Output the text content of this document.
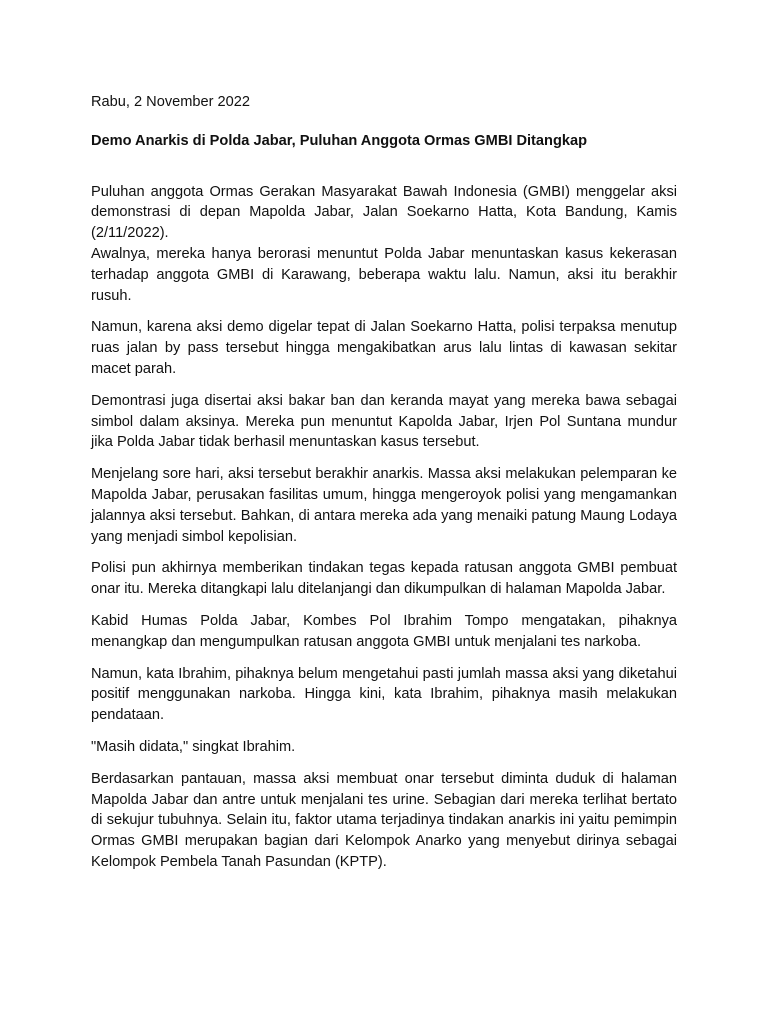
Rabu, 2 November 2022

Demo Anarkis di Polda Jabar, Puluhan Anggota Ormas GMBI Ditangkap

Puluhan anggota Ormas Gerakan Masyarakat Bawah Indonesia (GMBI) menggelar aksi demonstrasi di depan Mapolda Jabar, Jalan Soekarno Hatta, Kota Bandung, Kamis (2/11/2022).

Awalnya, mereka hanya berorasi menuntut Polda Jabar menuntaskan kasus kekerasan terhadap anggota GMBI di Karawang, beberapa waktu lalu. Namun, aksi itu berakhir rusuh.

Namun, karena aksi demo digelar tepat di Jalan Soekarno Hatta, polisi terpaksa menutup ruas jalan by pass tersebut hingga mengakibatkan arus lalu lintas di kawasan sekitar macet parah.

Demontrasi juga disertai aksi bakar ban dan keranda mayat yang mereka bawa sebagai simbol dalam aksinya. Mereka pun menuntut Kapolda Jabar, Irjen Pol Suntana mundur jika Polda Jabar tidak berhasil menuntaskan kasus tersebut.

Menjelang sore hari, aksi tersebut berakhir anarkis. Massa aksi melakukan pelemparan ke Mapolda Jabar, perusakan fasilitas umum, hingga mengeroyok polisi yang mengamankan jalannya aksi tersebut. Bahkan, di antara mereka ada yang menaiki patung Maung Lodaya yang menjadi simbol kepolisian.

Polisi pun akhirnya memberikan tindakan tegas kepada ratusan anggota GMBI pembuat onar itu. Mereka ditangkapi lalu ditelanjangi dan dikumpulkan di halaman Mapolda Jabar.

Kabid Humas Polda Jabar, Kombes Pol Ibrahim Tompo mengatakan, pihaknya menangkap dan mengumpulkan ratusan anggota GMBI untuk menjalani tes narkoba.

Namun, kata Ibrahim, pihaknya belum mengetahui pasti jumlah massa aksi yang diketahui positif menggunakan narkoba. Hingga kini, kata Ibrahim, pihaknya masih melakukan pendataan.

"Masih didata," singkat Ibrahim.

Berdasarkan pantauan, massa aksi membuat onar tersebut diminta duduk di halaman Mapolda Jabar dan antre untuk menjalani tes urine. Sebagian dari mereka terlihat bertato di sekujur tubuhnya. Selain itu, faktor utama terjadinya tindakan anarkis ini yaitu pemimpin Ormas GMBI merupakan bagian dari Kelompok Anarko yang menyebut dirinya sebagai Kelompok Pembela Tanah Pasundan (KPTP).
